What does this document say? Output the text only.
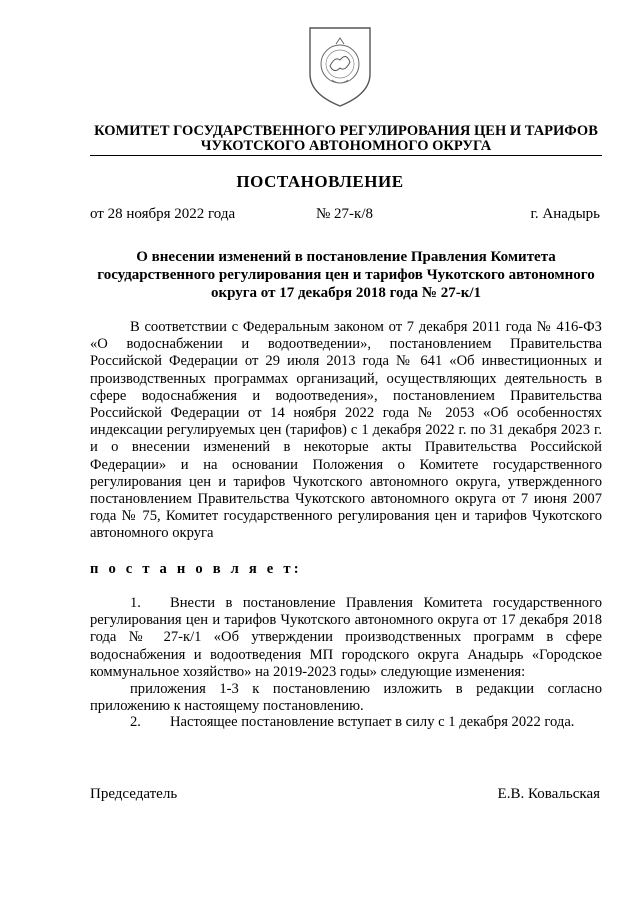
КОМИТЕТ ГОСУДАРСТВЕННОГО РЕГУЛИРОВАНИЯ ЦЕН И ТАРИФОВ
ЧУКОТСКОГО АВТОНОМНОГО ОКРУГА
ПОСТАНОВЛЕНИЕ
от 28 ноября 2022 года	№ 27-к/8	г. Анадырь
О внесении изменений в постановление Правления Комитета государственного регулирования цен и тарифов Чукотского автономного округа от 17 декабря 2018 года № 27-к/1
В соответствии с Федеральным законом от 7 декабря 2011 года № 416-ФЗ «О водоснабжении и водоотведении», постановлением Правительства Российской Федерации от 29 июля 2013 года № 641 «Об инвестиционных и производственных программах организаций, осуществляющих деятельность в сфере водоснабжения и водоотведения», постановлением Правительства Российской Федерации от 14 ноября 2022 года № 2053 «Об особенностях индексации регулируемых цен (тарифов) с 1 декабря 2022 г. по 31 декабря 2023 г. и о внесении изменений в некоторые акты Правительства Российской Федерации» и на основании Положения о Комитете государственного регулирования цен и тарифов Чукотского автономного округа, утвержденного постановлением Правительства Чукотского автономного округа от 7 июня 2007 года № 75, Комитет государственного регулирования цен и тарифов Чукотского автономного округа
п о с т а н о в л я е т:
1.	Внести в постановление Правления Комитета государственного регулирования цен и тарифов Чукотского автономного округа от 17 декабря 2018 года № 27-к/1 «Об утверждении производственных программ в сфере водоснабжения и водоотведения МП городского округа Анадырь «Городское коммунальное хозяйство» на 2019-2023 годы» следующие изменения:
приложения 1-3 к постановлению изложить в редакции согласно приложению к настоящему постановлению.
2.	Настоящее постановление вступает в силу с 1 декабря 2022 года.
Председатель	Е.В. Ковальская
